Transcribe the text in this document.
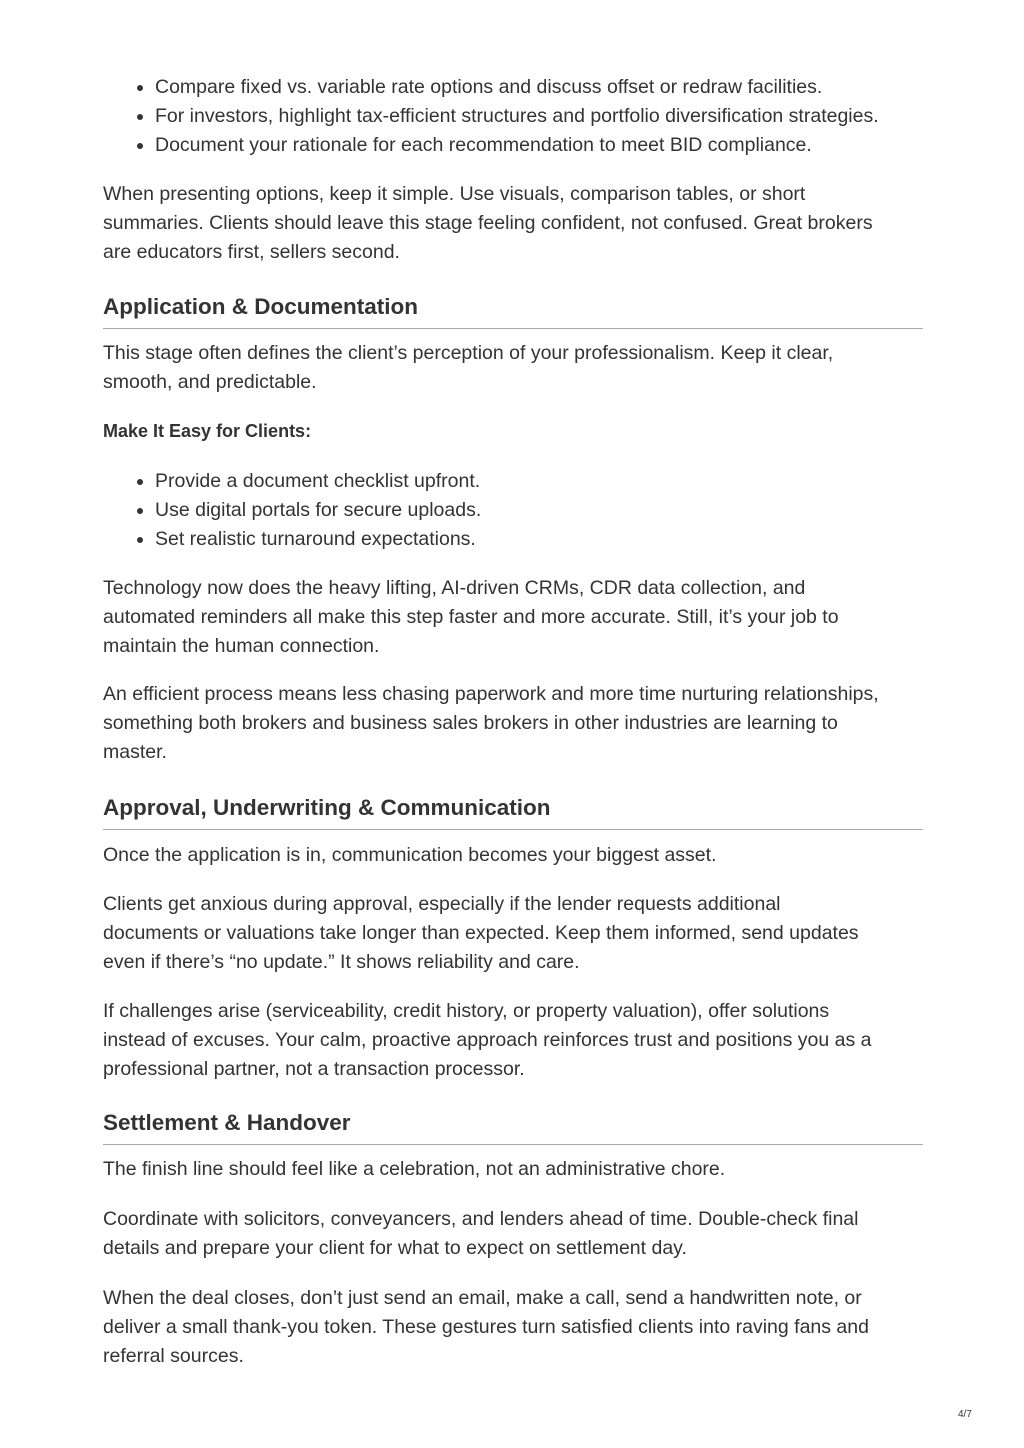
Compare fixed vs. variable rate options and discuss offset or redraw facilities.
For investors, highlight tax-efficient structures and portfolio diversification strategies.
Document your rationale for each recommendation to meet BID compliance.
When presenting options, keep it simple. Use visuals, comparison tables, or short
summaries. Clients should leave this stage feeling confident, not confused. Great brokers
are educators first, sellers second.
Application & Documentation
This stage often defines the client’s perception of your professionalism. Keep it clear,
smooth, and predictable.
Make It Easy for Clients:
Provide a document checklist upfront.
Use digital portals for secure uploads.
Set realistic turnaround expectations.
Technology now does the heavy lifting, AI-driven CRMs, CDR data collection, and
automated reminders all make this step faster and more accurate. Still, it’s your job to
maintain the human connection.
An efficient process means less chasing paperwork and more time nurturing relationships,
something both brokers and business sales brokers in other industries are learning to
master.
Approval, Underwriting & Communication
Once the application is in, communication becomes your biggest asset.
Clients get anxious during approval, especially if the lender requests additional
documents or valuations take longer than expected. Keep them informed, send updates
even if there’s “no update.” It shows reliability and care.
If challenges arise (serviceability, credit history, or property valuation), offer solutions
instead of excuses. Your calm, proactive approach reinforces trust and positions you as a
professional partner, not a transaction processor.
Settlement & Handover
The finish line should feel like a celebration, not an administrative chore.
Coordinate with solicitors, conveyancers, and lenders ahead of time. Double-check final
details and prepare your client for what to expect on settlement day.
When the deal closes, don’t just send an email, make a call, send a handwritten note, or
deliver a small thank-you token. These gestures turn satisfied clients into raving fans and
referral sources.
4/7
